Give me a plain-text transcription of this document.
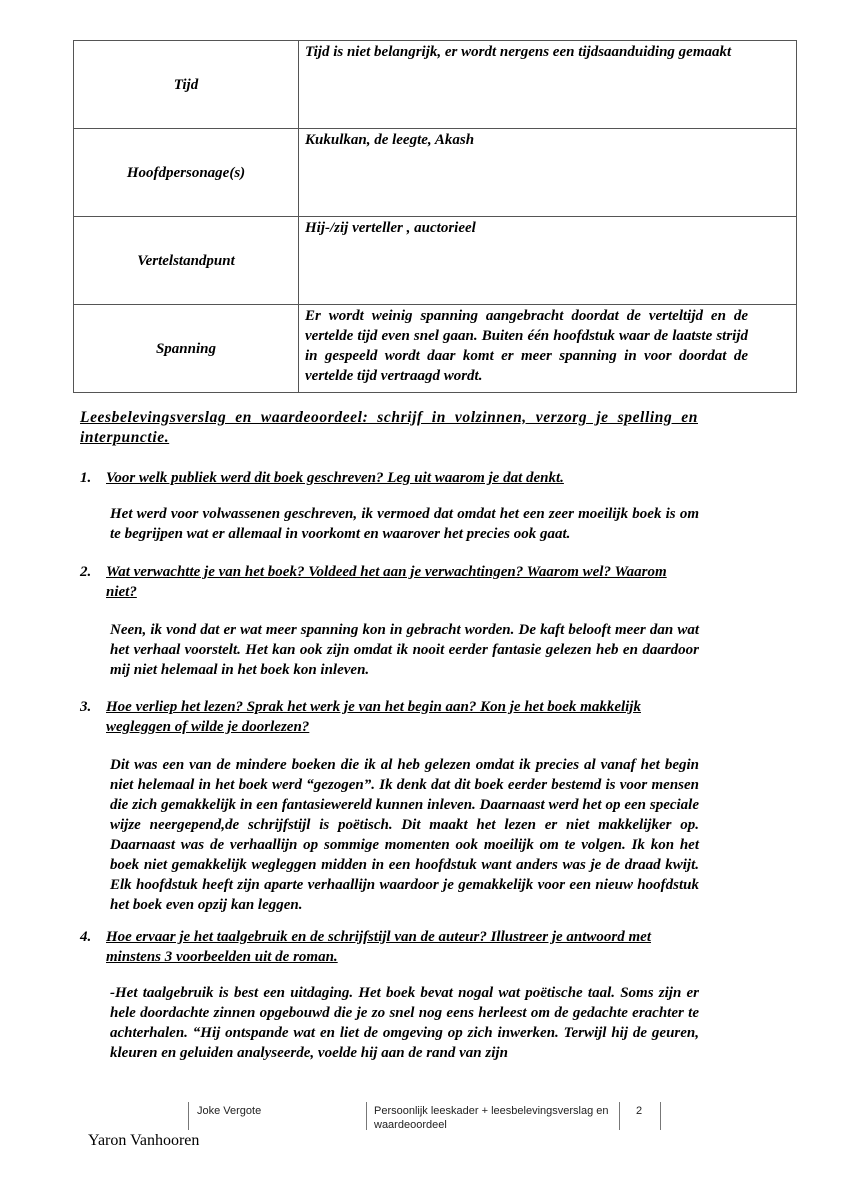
Tijd	Tijd is niet belangrijk, er wordt nergens een tijdsaanduiding gemaakt
Hoofdpersonage(s)	Kukulkan, de leegte, Akash
Vertelstandpunt	Hij-/zij verteller , auctorieel
Spanning	Er wordt weinig spanning aangebracht doordat de verteltijd en de vertelde tijd even snel gaan. Buiten één hoofdstuk waar de laatste strijd in gespeeld wordt daar komt er meer spanning in voor doordat de vertelde tijd vertraagd wordt.
Leesbelevingsverslag en waardeoordeel: schrijf in volzinnen, verzorg je spelling en interpunctie.
1. Voor welk publiek werd dit boek geschreven? Leg uit waarom je dat denkt.
Het werd voor volwassenen geschreven, ik vermoed dat omdat het een zeer moeilijk boek is om te begrijpen wat er allemaal in voorkomt en waarover het precies ook gaat.
2. Wat verwachtte je van het boek? Voldeed het aan je verwachtingen? Waarom wel? Waarom niet?
Neen, ik vond dat er wat meer spanning kon in gebracht worden. De kaft belooft meer dan wat het verhaal voorstelt. Het kan ook zijn omdat ik nooit eerder fantasie gelezen heb en daardoor mij niet helemaal in het boek kon inleven.
3. Hoe verliep het lezen? Sprak het werk je van het begin aan? Kon je het boek makkelijk wegleggen of wilde je doorlezen?
Dit was een van de mindere boeken die ik al heb gelezen omdat ik precies al vanaf het begin niet helemaal in het boek werd “gezogen”. Ik denk dat dit boek eerder bestemd is voor mensen die zich gemakkelijk in een fantasiewereld kunnen inleven. Daarnaast werd het op een speciale wijze neergepend,de schrijfstijl is poëtisch. Dit maakt het lezen er niet makkelijker op. Daarnaast was de verhaallijn op sommige momenten ook moeilijk om te volgen. Ik kon het boek niet gemakkelijk wegleggen midden in een hoofdstuk want anders was je de draad kwijt. Elk hoofdstuk heeft zijn aparte verhaallijn waardoor je gemakkelijk voor een nieuw hoofdstuk het boek even opzij kan leggen.
4. Hoe ervaar je het taalgebruik en de schrijfstijl van de auteur? Illustreer je antwoord met minstens 3 voorbeelden uit de roman.
-Het taalgebruik is best een uitdaging. Het boek bevat nogal wat poëtische taal. Soms zijn er hele doordachte zinnen opgebouwd die je zo snel nog eens herleest om de gedachte erachter te achterhalen. “Hij ontspande wat en liet de omgeving op zich inwerken. Terwijl hij de geuren, kleuren en geluiden analyseerde, voelde hij aan de rand van zijn
Joke Vergote	Persoonlijk leeskader + leesbelevingsverslag en waardeoordeel
2
Yaron Vanhooren
